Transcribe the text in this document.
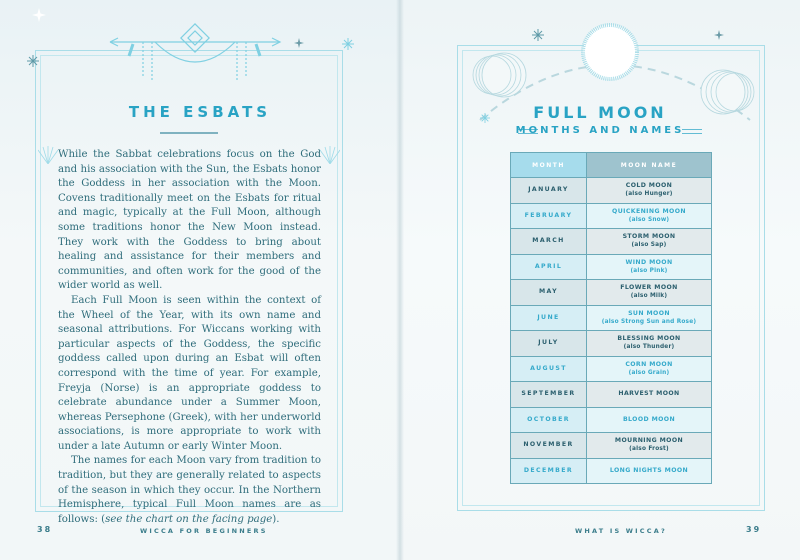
THE ESBATS

While the Sabbat celebrations focus on the God and his association with the Sun, the Esbats honor the Goddess in her association with the Moon. Covens traditionally meet on the Esbats for ritual and magic, typically at the Full Moon, although some traditions honor the New Moon instead. They work with the Goddess to bring about healing and assistance for their members and communities, and often work for the good of the wider world as well.

Each Full Moon is seen within the context of the Wheel of the Year, with its own name and seasonal attributions. For Wiccans working with particular aspects of the Goddess, the specific goddess called upon during an Esbat will often correspond with the time of year. For example, Freyja (Norse) is an appropriate goddess to celebrate abundance under a Summer Moon, whereas Persephone (Greek), with her underworld associations, is more appropriate to work with under a late Autumn or early Winter Moon.

The names for each Moon vary from tradition to tradition, but they are generally related to aspects of the season in which they occur. In the Northern Hemisphere, typical Full Moon names are as follows: (see the chart on the facing page).

38	WICCA FOR BEGINNERS
FULL MOON
MONTHS AND NAMES
MONTH	MOON NAME
JANUARY	COLD MOON
(also Hunger)

FEBRUARY	QUICKENING MOON
(also Snow)

MARCH	STORM MOON
(also Sap)

APRIL	WIND MOON
(also Pink)

MAY	FLOWER MOON
(also Milk)

JUNE	SUN MOON
(also Strong Sun and Rose)

JULY	BLESSING MOON
(also Thunder)

AUGUST	CORN MOON
(also Grain)

SEPTEMBER	HARVEST MOON
OCTOBER	BLOOD MOON
NOVEMBER	MOURNING MOON
(also Frost)

DECEMBER	LONG NIGHTS MOON
WHAT IS WICCA?	39
